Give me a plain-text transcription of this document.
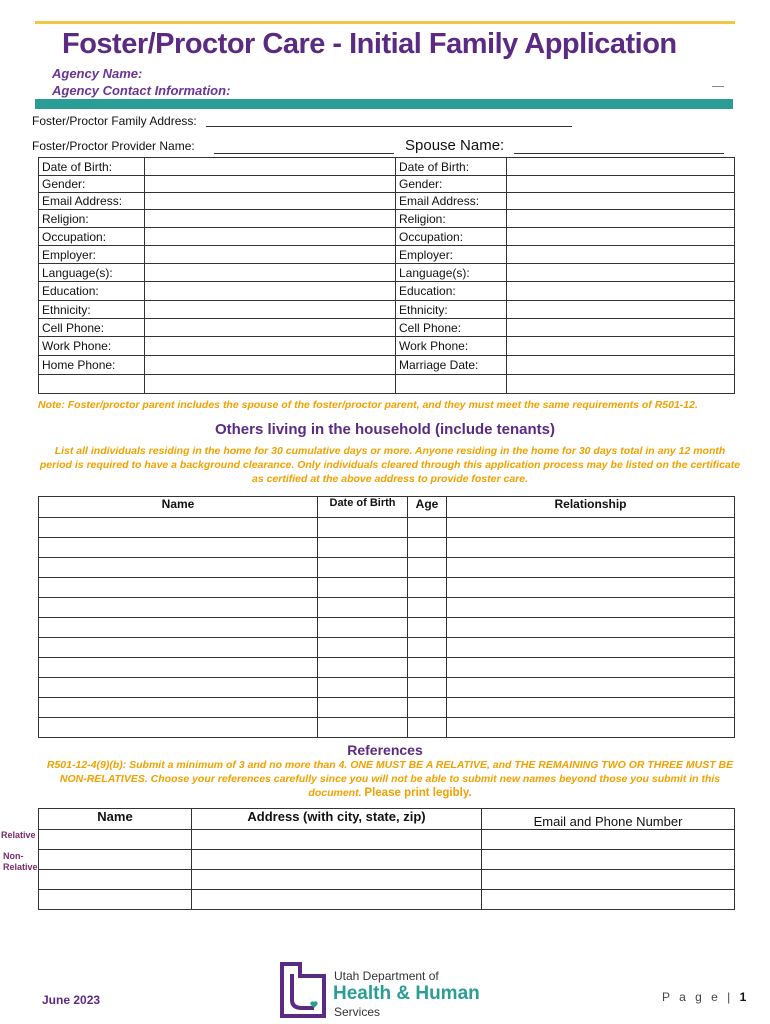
Foster/Proctor Care - Initial Family Application
Agency Name:
Agency Contact Information:
Foster/Proctor Family Address:
Foster/Proctor Provider Name:	Spouse Name:
Date of Birth:		Date of Birth:	
Gender:		Gender:	
Email Address:		Email Address:	
Religion:		Religion:	
Occupation:		Occupation:	
Employer:		Employer:	
Language(s):		Language(s):	
Education:		Education:	
Ethnicity:		Ethnicity:	
Cell Phone:		Cell Phone:	
Work Phone:		Work Phone:	
Home Phone:		Marriage Date:	

Note: Foster/proctor parent includes the spouse of the foster/proctor parent, and they must meet the same requirements of R501-12.
Others living in the household (include tenants)
List all individuals residing in the home for 30 cumulative days or more. Anyone residing in the home for 30 days total in any 12 month
period is required to have a background clearance. Only individuals cleared through this application process may be listed on the certificate
as certified at the above address to provide foster care.
Name	Date of Birth	Age	Relationship

References
R501-12-4(9)(b): Submit a minimum of 3 and no more than 4. ONE MUST BE A RELATIVE, and THE REMAINING TWO OR THREE MUST BE
NON-RELATIVES. Choose your references carefully since you will not be able to submit new names beyond those you submit in this
document. Please print legibly.
Name	Address (with city, state, zip)	Email and Phone Number

Relative
Non-
Relative
June 2023
Utah Department of
Health & Human
Services
P a g e | 1
